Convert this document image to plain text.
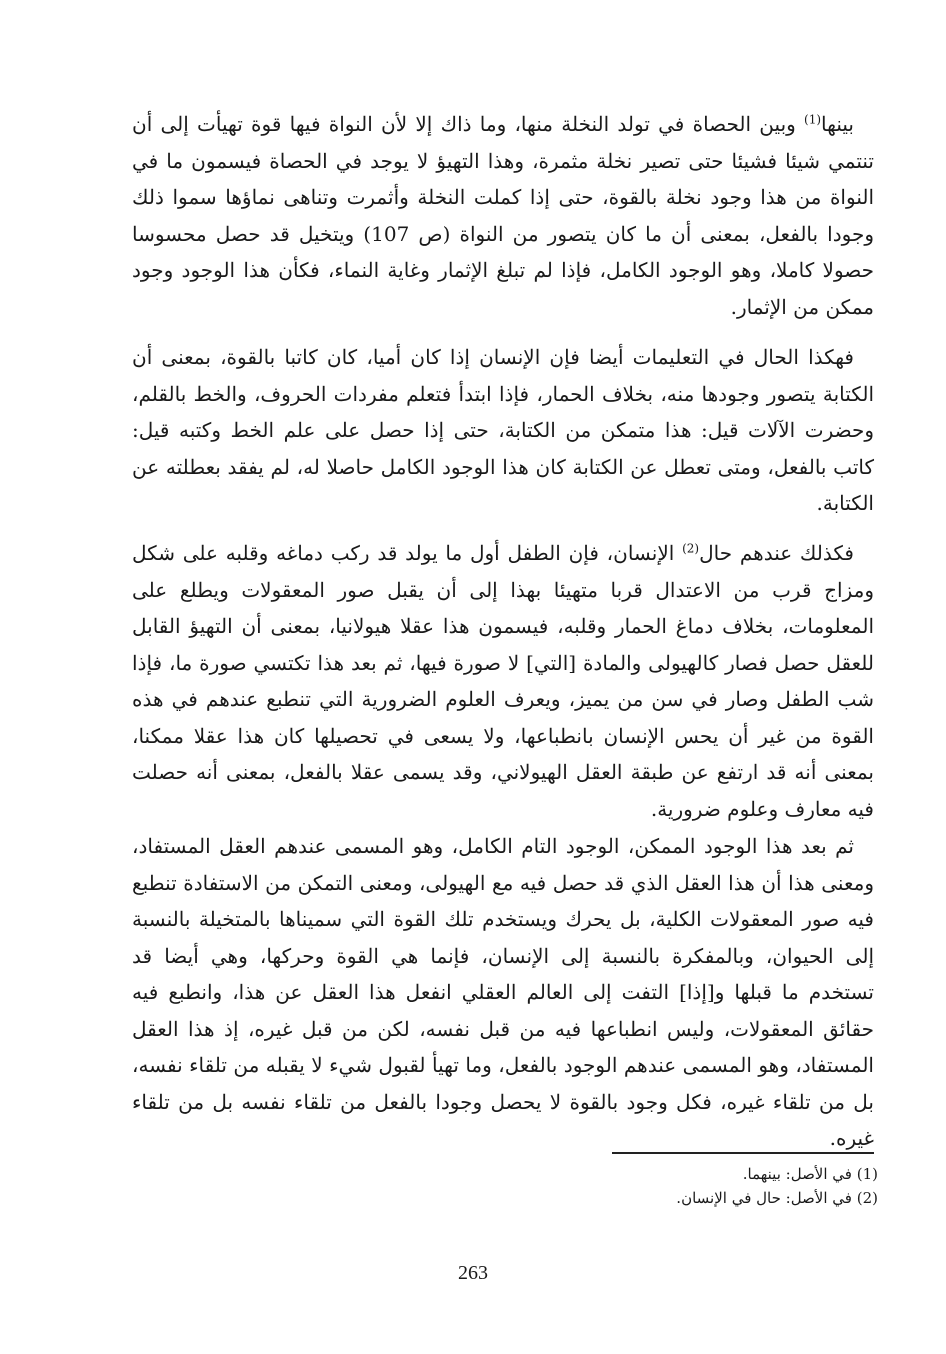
بينها$^{(1)}$ وبين الحصاة في تولد النخلة منها، وما ذاك إلا لأن النواة فيها قوة تهيأت إلى أن تنتمي شيئا فشيئا حتى تصير نخلة مثمرة، وهذا التهيؤ لا يوجد في الحصاة فيسمون ما في النواة من هذا وجود نخلة بالقوة، حتى إذا كملت النخلة وأثمرت وتناهى نماؤها سموا ذلك وجودا بالفعل، بمعنى أن ما كان يتصور من النواة (ص 107) ويتخيل قد حصل محسوسا حصولا كاملا، وهو الوجود الكامل، فإذا لم تبلغ الإثمار وغاية النماء، فكأن هذا الوجود وجود ممكن من الإثمار.

فهكذا الحال في التعليمات أيضا فإن الإنسان إذا كان أميا، كان كاتبا بالقوة، بمعنى أن الكتابة يتصور وجودها منه، بخلاف الحمار، فإذا ابتدأ فتعلم مفردات الحروف، والخط بالقلم، وحضرت الآلات قيل: هذا متمكن من الكتابة، حتى إذا حصل على علم الخط وكتبه قيل: كاتب بالفعل، ومتى تعطل عن الكتابة كان هذا الوجود الكامل حاصلا له، لم يفقد بعطلته عن الكتابة.

فكذلك عندهم حال$^{(2)}$ الإنسان، فإن الطفل أول ما يولد قد ركب دماغه وقلبه على شكل ومزاج قرب من الاعتدال قربا متهيئا بهذا إلى أن يقبل صور المعقولات ويطلع على المعلومات، بخلاف دماغ الحمار وقلبه، فيسمون هذا عقلا هيولانيا، بمعنى أن التهيؤ القابل للعقل حصل فصار كالهيولى والمادة [التي] لا صورة فيها، ثم بعد هذا تكتسي صورة ما، فإذا شب الطفل وصار في سن من يميز، ويعرف العلوم الضرورية التي تنطبع عندهم في هذه القوة من غير أن يحس الإنسان بانطباعها، ولا يسعى في تحصيلها كان هذا عقلا ممكنا، بمعنى أنه قد ارتفع عن طبقة العقل الهيولاني، وقد يسمى عقلا بالفعل، بمعنى أنه حصلت فيه معارف وعلوم ضرورية.

ثم بعد هذا الوجود الممكن، الوجود التام الكامل، وهو المسمى عندهم العقل المستفاد، ومعنى هذا أن هذا العقل الذي قد حصل فيه مع الهيولى، ومعنى التمكن من الاستفادة تنطبع فيه صور المعقولات الكلية، بل يحرك ويستخدم تلك القوة التي سميناها بالمتخيلة بالنسبة إلى الحيوان، وبالمفكرة بالنسبة إلى الإنسان، فإنما هي القوة وحركها، وهي أيضا قد تستخدم ما قبلها و[إذا] التفت إلى العالم العقلي انفعل هذا العقل عن هذا، وانطبع فيه حقائق المعقولات، وليس انطباعها فيه من قبل نفسه، لكن من قبل غيره، إذ هذا العقل المستفاد، وهو المسمى عندهم الوجود بالفعل، وما تهيأ لقبول شيء لا يقبله من تلقاء نفسه، بل من تلقاء غيره، فكل وجود بالقوة لا يحصل وجودا بالفعل من تلقاء نفسه بل من تلقاء غيره.

(1) في الأصل: بينهما.
(2) في الأصل: حال في الإنسان.
263
